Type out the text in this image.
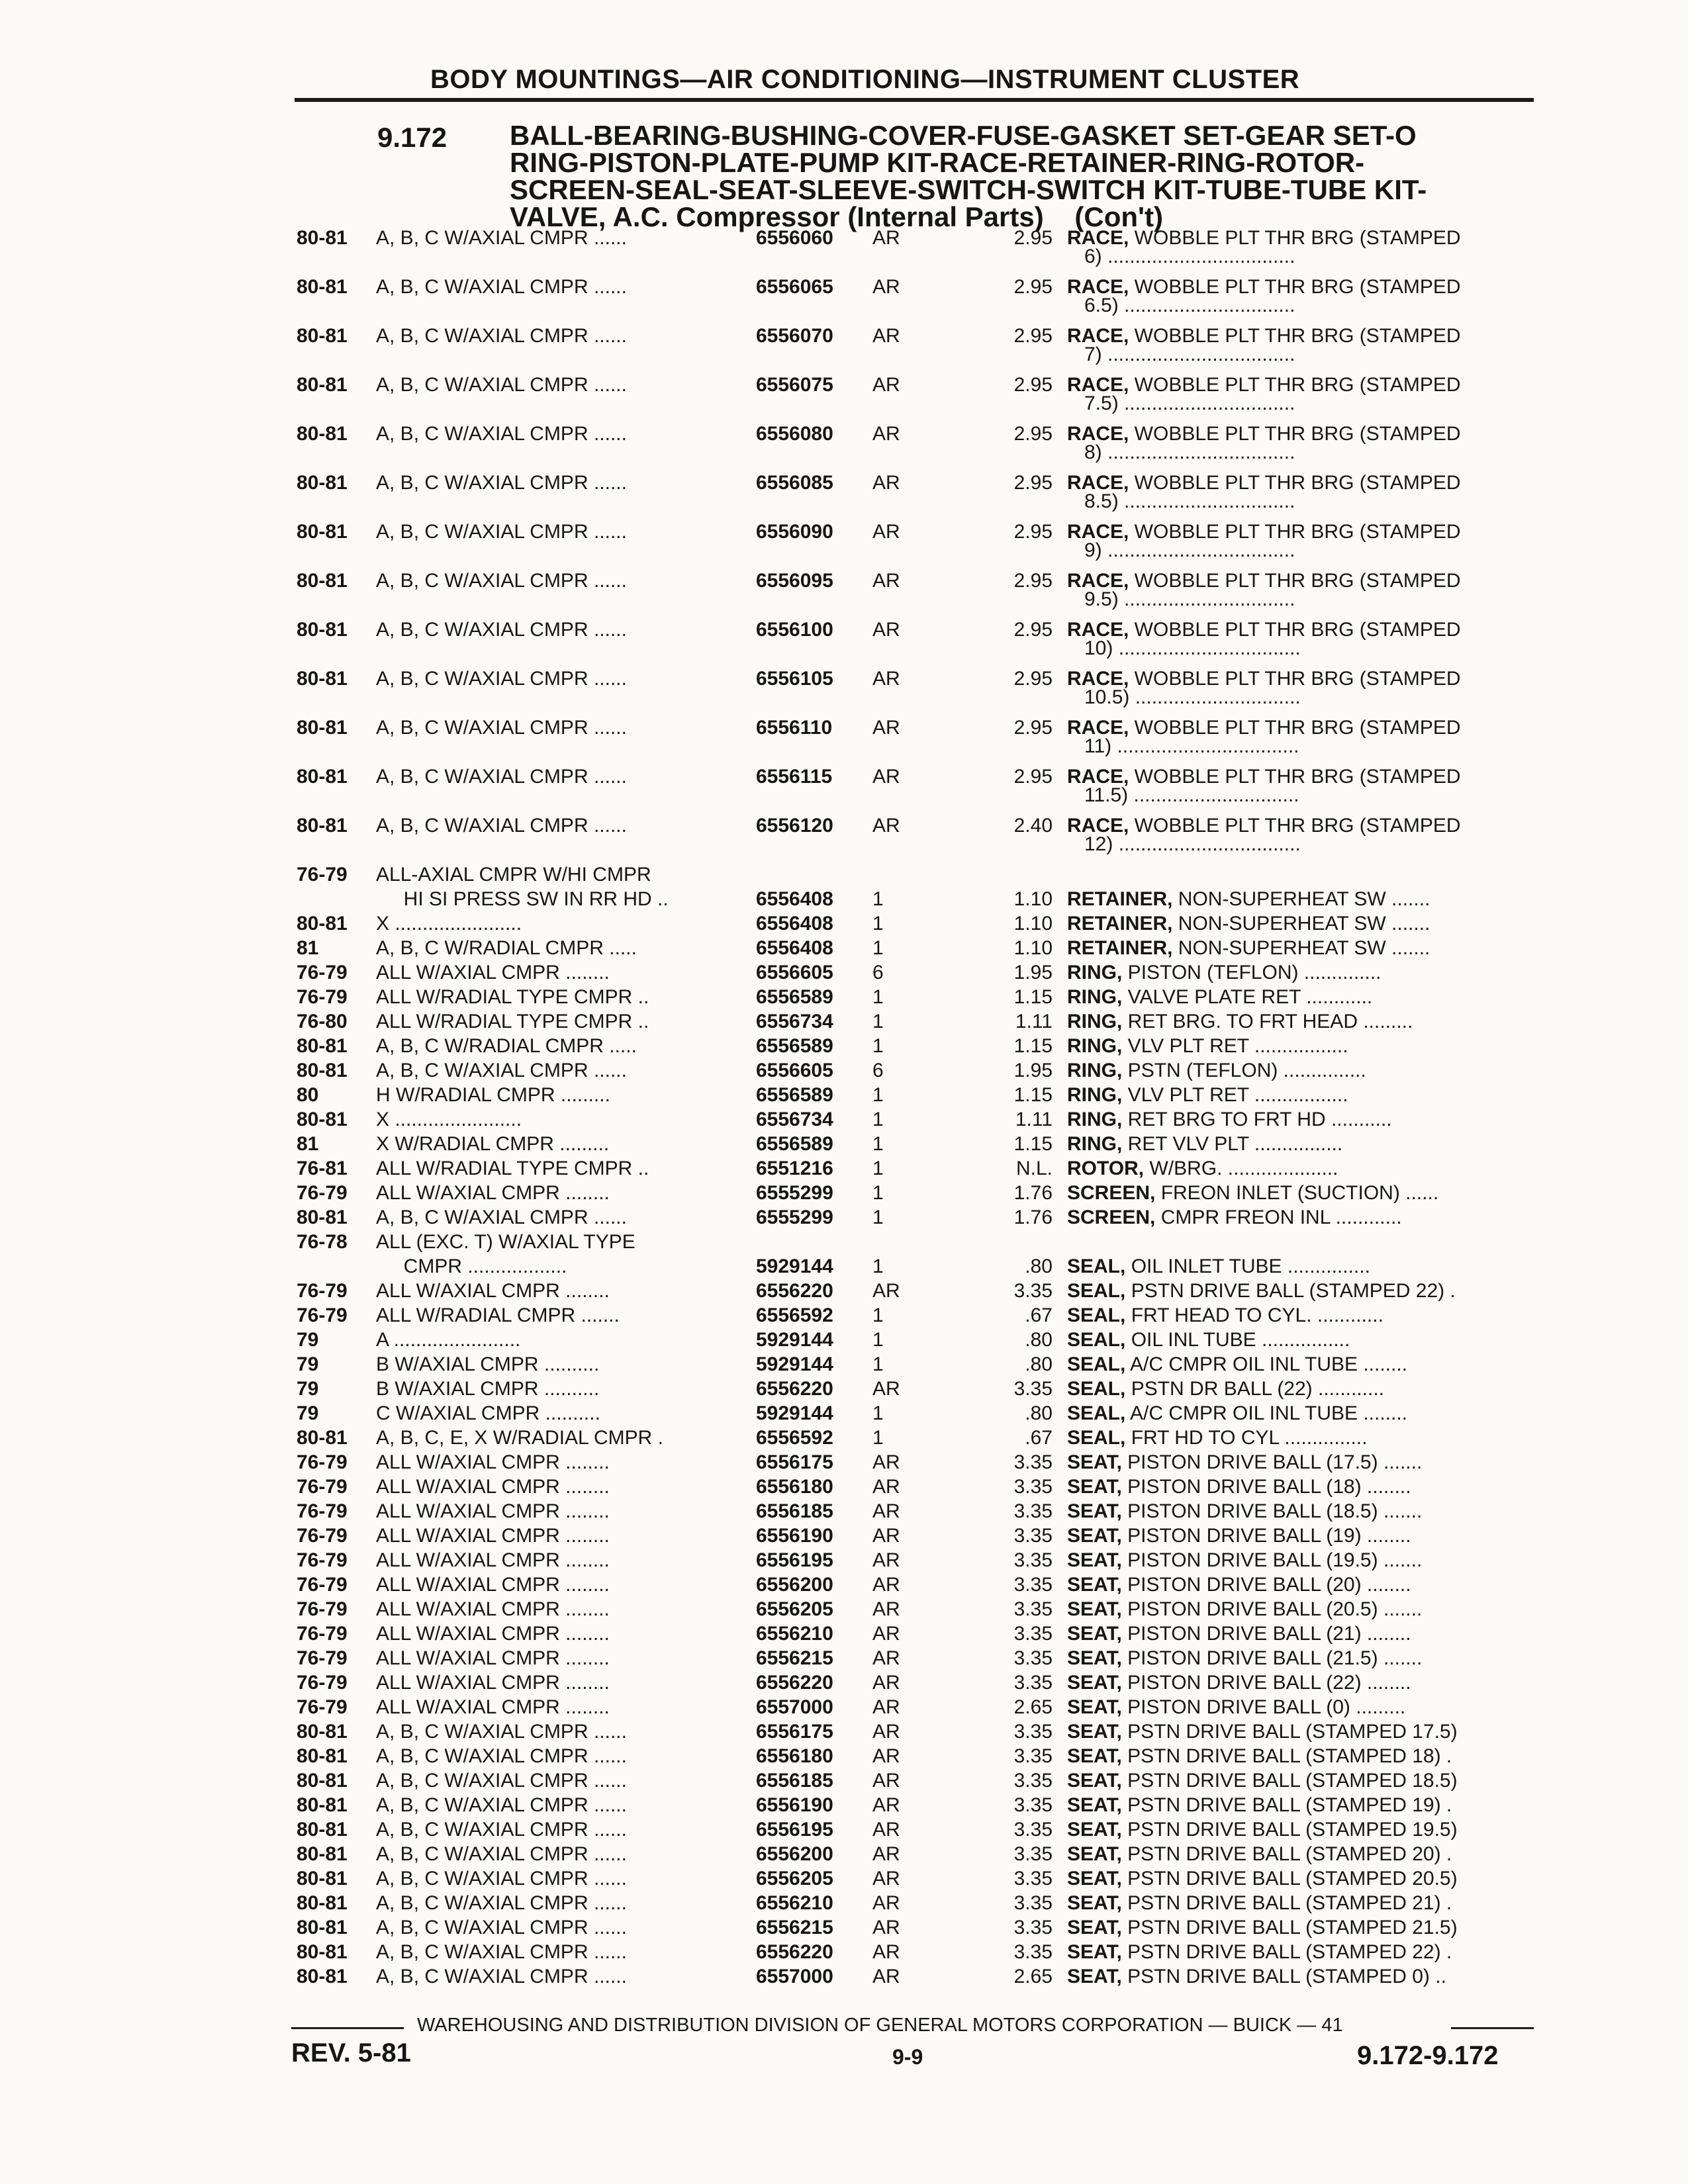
BODY MOUNTINGS—AIR CONDITIONING—INSTRUMENT CLUSTER
9.172 BALL-BEARING-BUSHING-COVER-FUSE-GASKET SET-GEAR SET-O
RING-PISTON-PLATE-PUMP KIT-RACE-RETAINER-RING-ROTOR-
SCREEN-SEAL-SEAT-SLEEVE-SWITCH-SWITCH KIT-TUBE-TUBE KIT-
VALVE, A.C. Compressor (Internal Parts)    (Con't)
80-81 A, B, C W/AXIAL CMPR ......	6556060 AR	2.95 RACE, WOBBLE PLT THR BRG (STAMPED
6) ..................................
80-81 A, B, C W/AXIAL CMPR ......	6556065 AR	2.95 RACE, WOBBLE PLT THR BRG (STAMPED
6.5) ...............................
80-81 A, B, C W/AXIAL CMPR ......	6556070 AR	2.95 RACE, WOBBLE PLT THR BRG (STAMPED
7) ..................................
80-81 A, B, C W/AXIAL CMPR ......	6556075 AR	2.95 RACE, WOBBLE PLT THR BRG (STAMPED
7.5) ...............................
80-81 A, B, C W/AXIAL CMPR ......	6556080 AR	2.95 RACE, WOBBLE PLT THR BRG (STAMPED
8) ..................................
80-81 A, B, C W/AXIAL CMPR ......	6556085 AR	2.95 RACE, WOBBLE PLT THR BRG (STAMPED
8.5) ...............................
80-81 A, B, C W/AXIAL CMPR ......	6556090 AR	2.95 RACE, WOBBLE PLT THR BRG (STAMPED
9) ..................................
80-81 A, B, C W/AXIAL CMPR ......	6556095 AR	2.95 RACE, WOBBLE PLT THR BRG (STAMPED
9.5) ...............................
80-81 A, B, C W/AXIAL CMPR ......	6556100 AR	2.95 RACE, WOBBLE PLT THR BRG (STAMPED
10) .................................
80-81 A, B, C W/AXIAL CMPR ......	6556105 AR	2.95 RACE, WOBBLE PLT THR BRG (STAMPED
10.5) ..............................
80-81 A, B, C W/AXIAL CMPR ......	6556110 AR	2.95 RACE, WOBBLE PLT THR BRG (STAMPED
11) .................................
80-81 A, B, C W/AXIAL CMPR ......	6556115 AR	2.95 RACE, WOBBLE PLT THR BRG (STAMPED
11.5) ..............................
80-81 A, B, C W/AXIAL CMPR ......	6556120 AR	2.40 RACE, WOBBLE PLT THR BRG (STAMPED
12) .................................
76-79 ALL-AXIAL CMPR W/HI CMPR
HI SI PRESS SW IN RR HD ..	6556408 1	1.10 RETAINER, NON-SUPERHEAT SW .......
80-81 X .......................	6556408 1	1.10 RETAINER, NON-SUPERHEAT SW .......
81	A, B, C W/RADIAL CMPR .....	6556408 1	1.10 RETAINER, NON-SUPERHEAT SW .......
76-79 ALL W/AXIAL CMPR ........	6556605 6	1.95 RING, PISTON (TEFLON) ..............
76-79 ALL W/RADIAL TYPE CMPR ..	6556589 1	1.15 RING, VALVE PLATE RET ............
76-80 ALL W/RADIAL TYPE CMPR ..	6556734 1	1.11 RING, RET BRG. TO FRT HEAD .........
80-81 A, B, C W/RADIAL CMPR .....	6556589 1	1.15 RING, VLV PLT RET .................
80-81 A, B, C W/AXIAL CMPR ......	6556605 6	1.95 RING, PSTN (TEFLON) ...............
80	H W/RADIAL CMPR .........	6556589 1	1.15 RING, VLV PLT RET .................
80-81 X .......................	6556734 1	1.11 RING, RET BRG TO FRT HD ...........
81	X W/RADIAL CMPR .........	6556589 1	1.15 RING, RET VLV PLT ................
76-81 ALL W/RADIAL TYPE CMPR ..	6551216 1	N.L. ROTOR, W/BRG. ....................
76-79 ALL W/AXIAL CMPR ........	6555299 1	1.76 SCREEN, FREON INLET (SUCTION) ......
80-81 A, B, C W/AXIAL CMPR ......	6555299 1	1.76 SCREEN, CMPR FREON INL ............
76-78 ALL (EXC. T) W/AXIAL TYPE
CMPR ..................	5929144 1	.80 SEAL, OIL INLET TUBE ...............
76-79 ALL W/AXIAL CMPR ........	6556220 AR	3.35 SEAL, PSTN DRIVE BALL (STAMPED 22) .
76-79 ALL W/RADIAL CMPR .......	6556592 1	.67 SEAL, FRT HEAD TO CYL. ............
79	A .......................	5929144 1	.80 SEAL, OIL INL TUBE ................
79	B W/AXIAL CMPR ..........	5929144 1	.80 SEAL, A/C CMPR OIL INL TUBE ........
79	B W/AXIAL CMPR ..........	6556220 AR	3.35 SEAL, PSTN DR BALL (22) ............
79	C W/AXIAL CMPR ..........	5929144 1	.80 SEAL, A/C CMPR OIL INL TUBE ........
80-81 A, B, C, E, X W/RADIAL CMPR .	6556592 1	.67 SEAL, FRT HD TO CYL ...............
76-79 ALL W/AXIAL CMPR ........	6556175 AR	3.35 SEAT, PISTON DRIVE BALL (17.5) .......
76-79 ALL W/AXIAL CMPR ........	6556180 AR	3.35 SEAT, PISTON DRIVE BALL (18) ........
76-79 ALL W/AXIAL CMPR ........	6556185 AR	3.35 SEAT, PISTON DRIVE BALL (18.5) .......
76-79 ALL W/AXIAL CMPR ........	6556190 AR	3.35 SEAT, PISTON DRIVE BALL (19) ........
76-79 ALL W/AXIAL CMPR ........	6556195 AR	3.35 SEAT, PISTON DRIVE BALL (19.5) .......
76-79 ALL W/AXIAL CMPR ........	6556200 AR	3.35 SEAT, PISTON DRIVE BALL (20) ........
76-79 ALL W/AXIAL CMPR ........	6556205 AR	3.35 SEAT, PISTON DRIVE BALL (20.5) .......
76-79 ALL W/AXIAL CMPR ........	6556210 AR	3.35 SEAT, PISTON DRIVE BALL (21) ........
76-79 ALL W/AXIAL CMPR ........	6556215 AR	3.35 SEAT, PISTON DRIVE BALL (21.5) .......
76-79 ALL W/AXIAL CMPR ........	6556220 AR	3.35 SEAT, PISTON DRIVE BALL (22) ........
76-79 ALL W/AXIAL CMPR ........	6557000 AR	2.65 SEAT, PISTON DRIVE BALL (0) .........
80-81 A, B, C W/AXIAL CMPR ......	6556175 AR	3.35 SEAT, PSTN DRIVE BALL (STAMPED 17.5)
80-81 A, B, C W/AXIAL CMPR ......	6556180 AR	3.35 SEAT, PSTN DRIVE BALL (STAMPED 18) .
80-81 A, B, C W/AXIAL CMPR ......	6556185 AR	3.35 SEAT, PSTN DRIVE BALL (STAMPED 18.5)
80-81 A, B, C W/AXIAL CMPR ......	6556190 AR	3.35 SEAT, PSTN DRIVE BALL (STAMPED 19) .
80-81 A, B, C W/AXIAL CMPR ......	6556195 AR	3.35 SEAT, PSTN DRIVE BALL (STAMPED 19.5)
80-81 A, B, C W/AXIAL CMPR ......	6556200 AR	3.35 SEAT, PSTN DRIVE BALL (STAMPED 20) .
80-81 A, B, C W/AXIAL CMPR ......	6556205 AR	3.35 SEAT, PSTN DRIVE BALL (STAMPED 20.5)
80-81 A, B, C W/AXIAL CMPR ......	6556210 AR	3.35 SEAT, PSTN DRIVE BALL (STAMPED 21) .
80-81 A, B, C W/AXIAL CMPR ......	6556215 AR	3.35 SEAT, PSTN DRIVE BALL (STAMPED 21.5)
80-81 A, B, C W/AXIAL CMPR ......	6556220 AR	3.35 SEAT, PSTN DRIVE BALL (STAMPED 22) .
80-81 A, B, C W/AXIAL CMPR ......	6557000 AR	2.65 SEAT, PSTN DRIVE BALL (STAMPED 0) ..
WAREHOUSING AND DISTRIBUTION DIVISION OF GENERAL MOTORS CORPORATION — BUICK — 41
REV. 5-81	9-9	9.172-9.172
